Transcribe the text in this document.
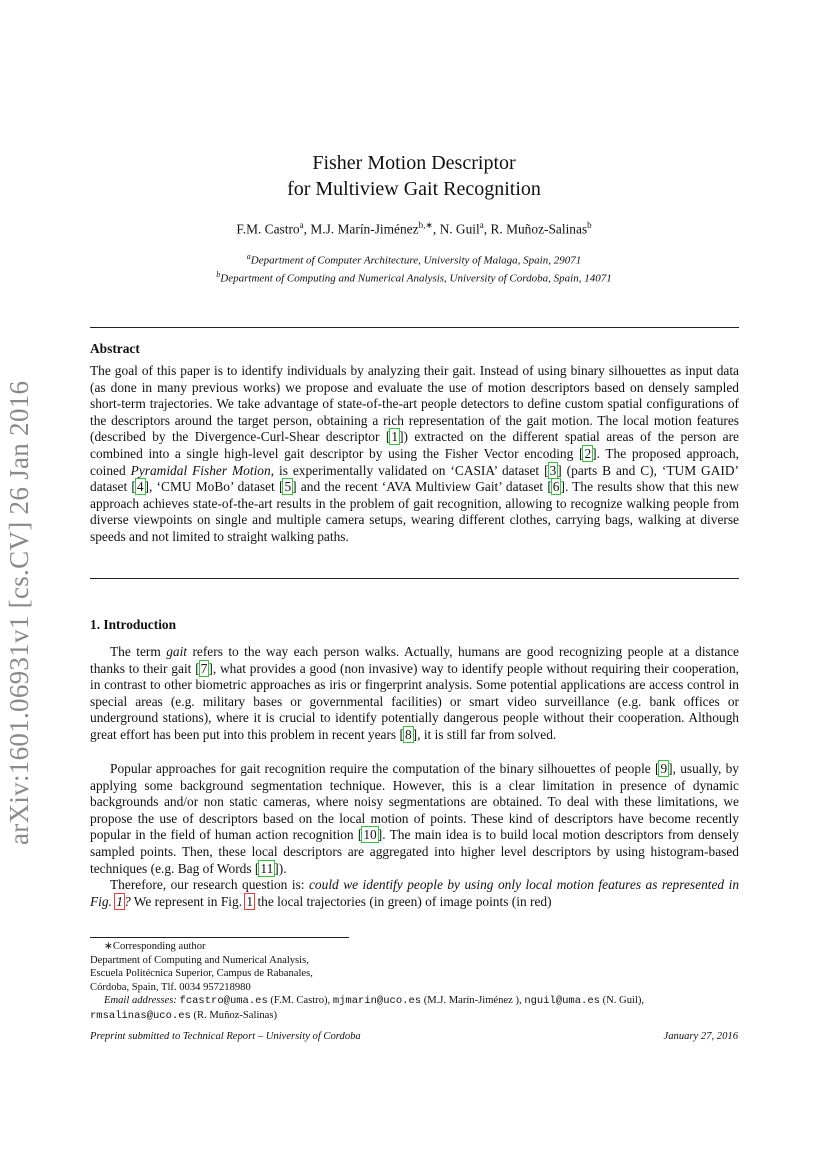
arXiv:1601.06931v1 [cs.CV] 26 Jan 2016
Fisher Motion Descriptor
for Multiview Gait Recognition
F.M. Castro$^a$, M.J. Marín-Jiménez$^{b,∗}$, N. Guil$^a$, R. Muñoz-Salinas$^b$
$^a$Department of Computer Architecture, University of Malaga, Spain, 29071
$^b$Department of Computing and Numerical Analysis, University of Cordoba, Spain, 14071
Abstract
The goal of this paper is to identify individuals by analyzing their gait. Instead of using binary silhouettes as input data (as done in many previous works) we propose and evaluate the use of motion descriptors based on densely sampled short-term trajectories. We take advantage of state-of-the-art people detectors to define custom spatial configurations of the descriptors around the target person, obtaining a rich representation of the gait motion. The local motion features (described by the Divergence-Curl-Shear descriptor [ 1 ] ) extracted on the different spatial areas of the person are combined into a single high-level gait descriptor by using the Fisher Vector encoding [ 2 ] . The proposed approach, coined Pyramidal Fisher Motion, is experimentally validated on ‘CASIA’ dataset [ 3 ] (parts B and C), ‘TUM GAID’ dataset [ 4 ] , ‘CMU MoBo’ dataset [ 5 ] and the recent ‘AVA Multiview Gait’ dataset [ 6 ] . The results show that this new approach achieves state-of-the-art results in the problem of gait recognition, allowing to recognize walking people from diverse viewpoints on single and multiple camera setups, wearing different clothes, carrying bags, walking at diverse speeds and not limited to straight walking paths.
1. Introduction
The term gait refers to the way each person walks. Actually, humans are good recognizing people at a distance thanks to their gait [ 7 ] , what provides a good (non invasive) way to identify people without requiring their cooperation, in contrast to other biometric approaches as iris or fingerprint analysis. Some potential applications are access control in special areas (e.g. military bases or governmental facilities) or smart video surveillance (e.g. bank offices or underground stations), where it is crucial to identify potentially dangerous people without their cooperation. Although great effort has been put into this problem in recent years [ 8 ] , it is still far from solved.
Popular approaches for gait recognition require the computation of the binary silhouettes of people [ 9 ] , usually, by applying some background segmentation technique. However, this is a clear limitation in presence of dynamic backgrounds and/or non static cameras, where noisy segmentations are obtained. To deal with these limitations, we propose the use of descriptors based on the local motion of points. These kind of descriptors have become recently popular in the field of human action recognition [ 10 ] . The main idea is to build local motion descriptors from densely sampled points. Then, these local descriptors are aggregated into higher level descriptors by using histogram-based techniques (e.g. Bag of Words [ 11 ] ).
Therefore, our research question is: could we identify people by using only local motion features as represented in Fig. 1? We represent in Fig. 1 the local trajectories (in green) of image points (in red)
∗Corresponding author
Department of Computing and Numerical Analysis,
Escuela Politécnica Superior, Campus de Rabanales,
Córdoba, Spain, Tlf. 0034 957218980
Email addresses: fcastro@uma.es (F.M. Castro), mjmarin@uco.es (M.J. Marín-Jiménez ), nguil@uma.es (N. Guil),
rmsalinas@uco.es (R. Muñoz-Salinas)
Preprint submitted to Technical Report – University of Cordoba	January 27, 2016
